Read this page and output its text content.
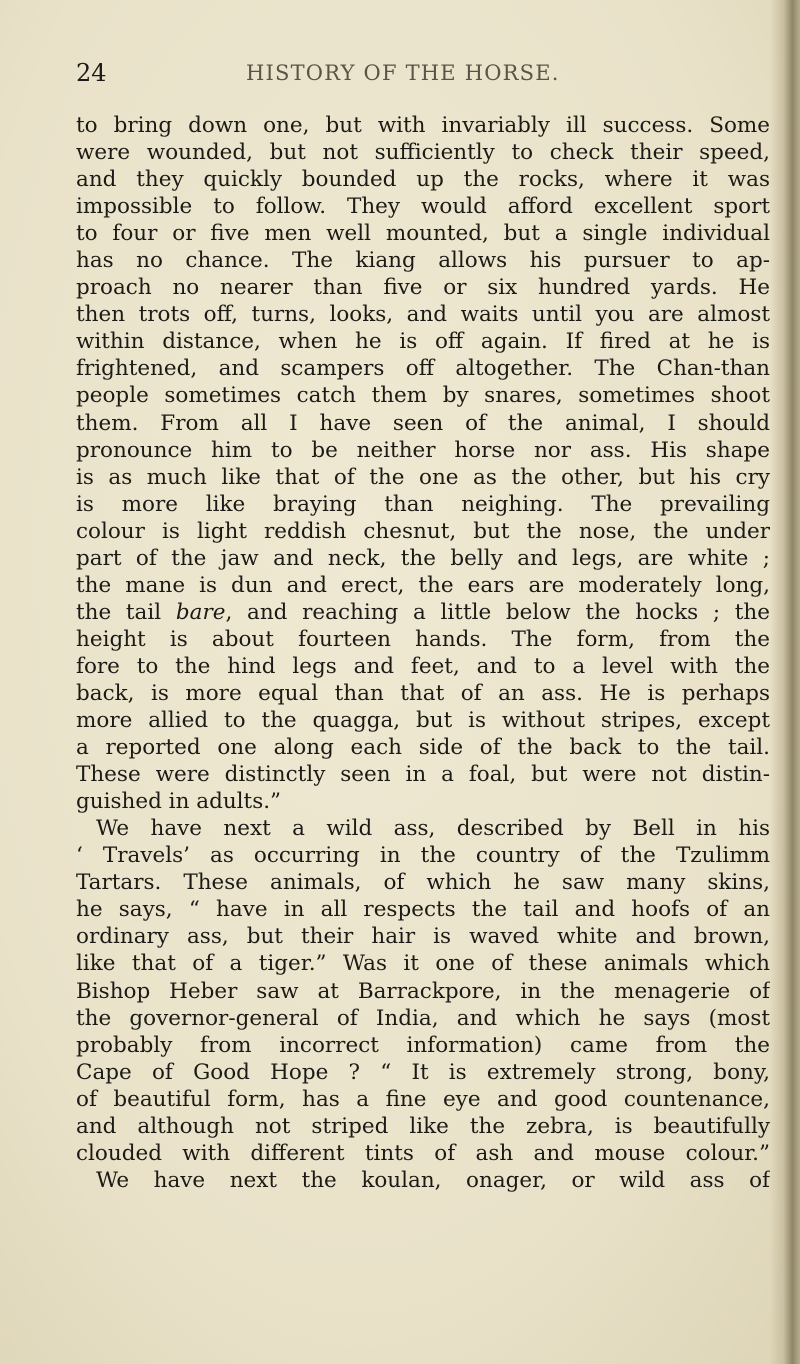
24	HISTORY OF THE HORSE.
to bring down one, but with invariably ill success. Some
were wounded, but not sufficiently to check their speed,
and they quickly bounded up the rocks, where it was
impossible to follow. They would afford excellent sport
to four or five men well mounted, but a single individual
has no chance. The kiang allows his pursuer to ap-
proach no nearer than five or six hundred yards. He
then trots off, turns, looks, and waits until you are almost
within distance, when he is off again. If fired at he is
frightened, and scampers off altogether. The Chan-than
people sometimes catch them by snares, sometimes shoot
them. From all I have seen of the animal, I should
pronounce him to be neither horse nor ass. His shape
is as much like that of the one as the other, but his cry
is more like braying than neighing. The prevailing
colour is light reddish chesnut, but the nose, the under
part of the jaw and neck, the belly and legs, are white ;
the mane is dun and erect, the ears are moderately long,
the tail bare, and reaching a little below the hocks ; the
height is about fourteen hands. The form, from the
fore to the hind legs and feet, and to a level with the
back, is more equal than that of an ass. He is perhaps
more allied to the quagga, but is without stripes, except
a reported one along each side of the back to the tail.
These were distinctly seen in a foal, but were not distin-
guished in adults.”
We have next a wild ass, described by Bell in his
‘ Travels’ as occurring in the country of the Tzulimm
Tartars. These animals, of which he saw many skins,
he says, “ have in all respects the tail and hoofs of an
ordinary ass, but their hair is waved white and brown,
like that of a tiger.” Was it one of these animals which
Bishop Heber saw at Barrackpore, in the menagerie of
the governor-general of India, and which he says (most
probably from incorrect information) came from the
Cape of Good Hope ? “ It is extremely strong, bony,
of beautiful form, has a fine eye and good countenance,
and although not striped like the zebra, is beautifully
clouded with different tints of ash and mouse colour.”
We have next the koulan, onager, or wild ass of
